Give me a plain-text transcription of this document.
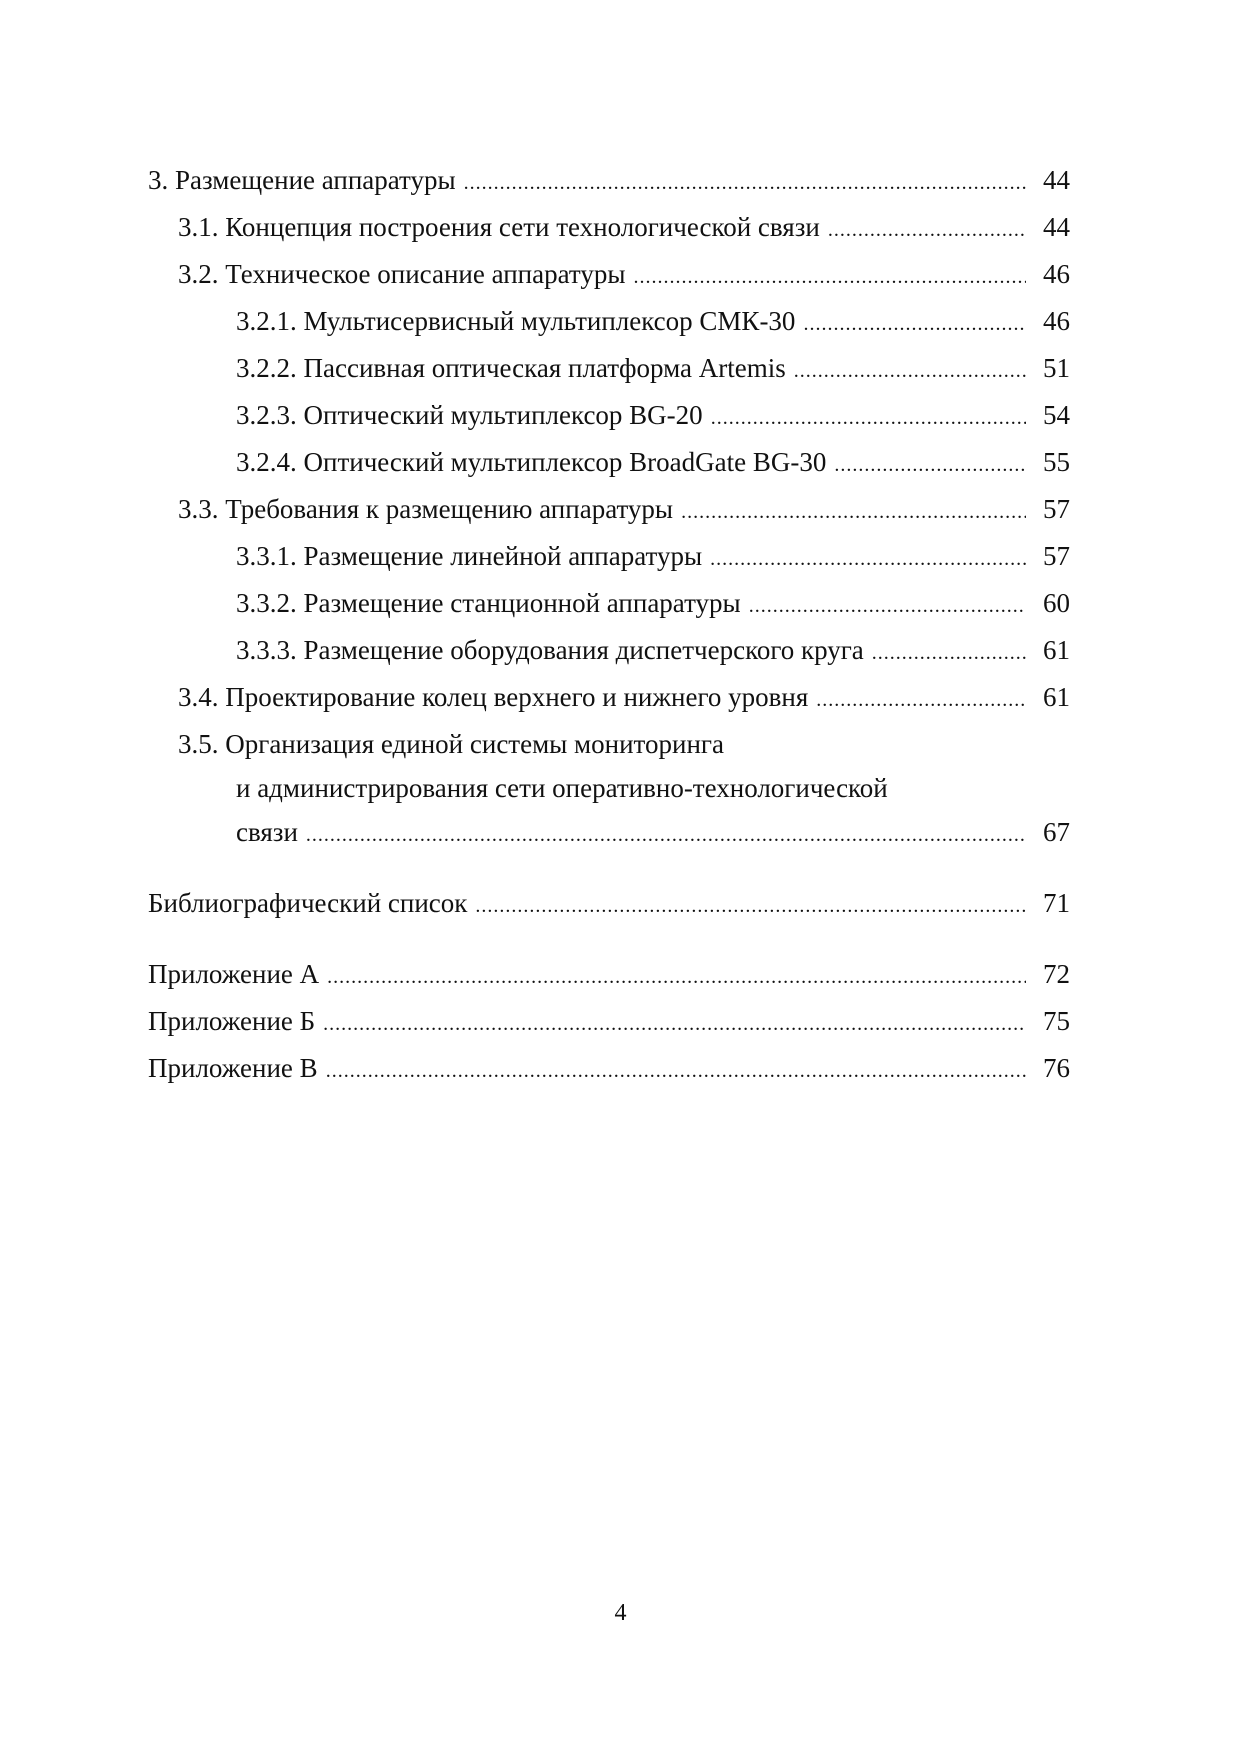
3. Размещение аппаратуры .....	44
3.1. Концепция построения сети технологической связи .....	44
3.2. Техническое описание аппаратуры .....	46
3.2.1. Мультисервисный мультиплексор СМК-30 .....	46
3.2.2. Пассивная оптическая платформа Artemis .....	51
3.2.3. Оптический мультиплексор BG-20 .....	54
3.2.4. Оптический мультиплексор BroadGate BG-30 .....	55
3.3. Требования к размещению аппаратуры .....	57
3.3.1. Размещение линейной аппаратуры .....	57
3.3.2. Размещение станционной аппаратуры .....	60
3.3.3. Размещение оборудования диспетчерского круга .....	61
3.4. Проектирование колец верхнего и нижнего уровня .....	61
3.5. Организация единой системы мониторинга
и администрирования сети оперативно-технологической
связи .....	67
Библиографический список .....	71
Приложение А .....	72
Приложение Б .....	75
Приложение В .....	76
4
